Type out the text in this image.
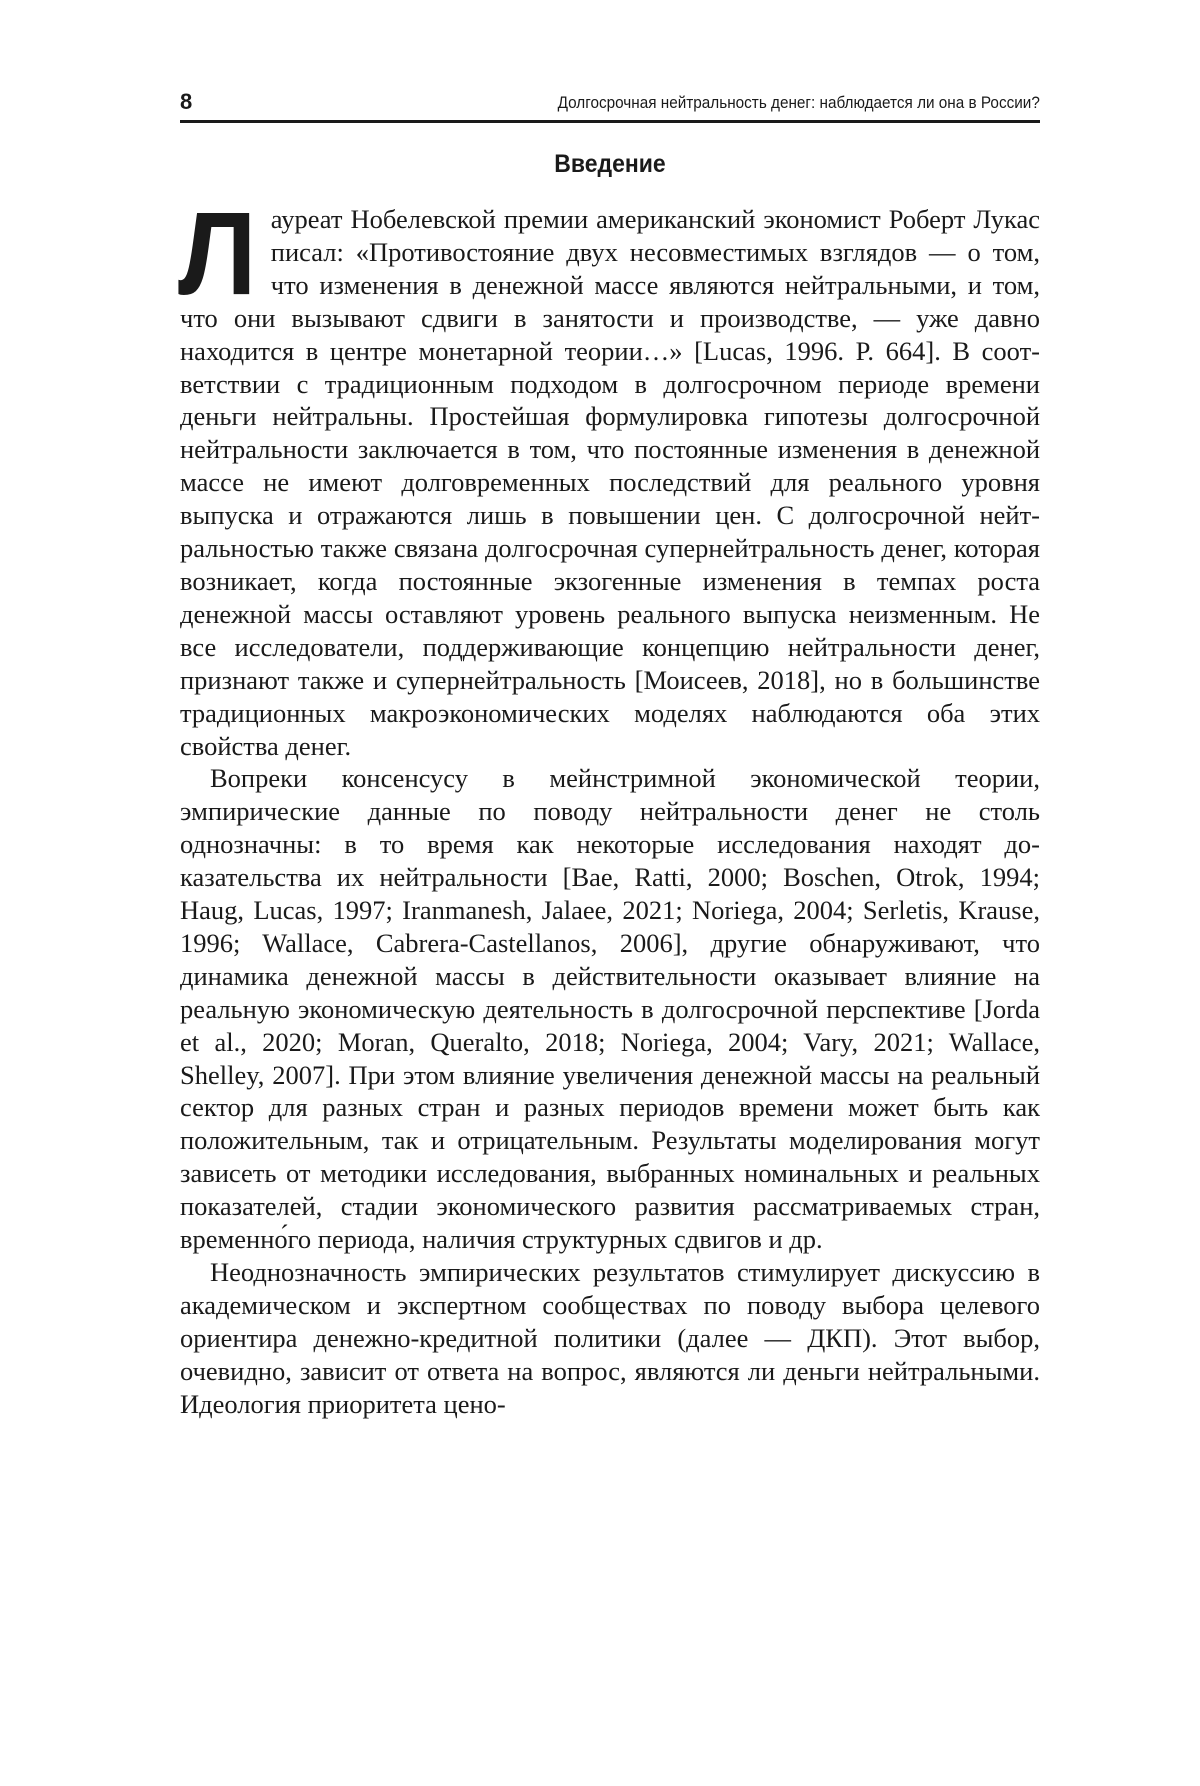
8	Долгосрочная нейтральность денег: наблюдается ли она в России?
Введение

Л ауреат Нобелевской премии американский экономист Роберт Лукас писал: «Противостояние двух несовме­стимых взглядов — о том, что изменения в денежной массе являются нейтральными, и том, что они вызывают сдвиги в занятости и производстве, — уже давно находится в центре монетарной теории…» [Lucas, 1996. P. 664]. В соот­ветствии с традиционным подходом в долгосрочном перио­де времени деньги нейтральны. Простейшая формулировка гипотезы долгосрочной нейтральности заключается в том, что постоянные изменения в денежной массе не имеют дол­говременных последствий для реального уровня выпуска и отражаются лишь в повышении цен. С долгосрочной нейт­ральностью также связана долгосрочная супернейтральность денег, которая возникает, когда постоянные экзогенные измене­ния в темпах роста денежной массы оставляют уровень реаль­ного выпуска неизменным. Не все исследователи, поддержива­ющие концепцию нейтральности денег, признают также и су­пернейтральность [Моисеев, 2018], но в большинстве тради­ционных макроэкономических моделях наблюдаются оба этих свойства денег.

Вопреки консенсусу в мейнстримной экономической теории, эмпирические данные по поводу нейтральности денег не столь однозначны: в то время как некоторые исследования находят до­казательства их нейтральности [Bae, Ratti, 2000; Boschen, Otrok, 1994; Haug, Lucas, 1997; Iranmanesh, Jalaee, 2021; Noriega, 2004; Serletis, Krause, 1996; Wallace, Cabrera-Castellanos, 2006], другие обнаруживают, что динамика денежной массы в действительно­сти оказывает влияние на реальную экономическую деятельность в долгосрочной перспективе [Jorda et al., 2020; Moran, Queralto, 2018; Noriega, 2004; Vary, 2021; Wallace, Shelley, 2007]. При этом влияние увеличения денежной массы на реальный сектор для раз­ных стран и разных периодов времени может быть как положи­тельным, так и отрицательным. Результаты моделирования могут зависеть от методики исследования, выбранных номинальных и реальных показателей, стадии экономического развития рас­сматриваемых стран, временно́го периода, наличия структурных сдвигов и др.

Неоднозначность эмпирических результатов стимулирует дис­куссию в академическом и экспертном сообществах по поводу выбора целевого ориентира денежно-кредитной политики (да­лее — ДКП). Этот выбор, очевидно, зависит от ответа на вопрос, являются ли деньги нейтральными. Идеология приоритета цено-
